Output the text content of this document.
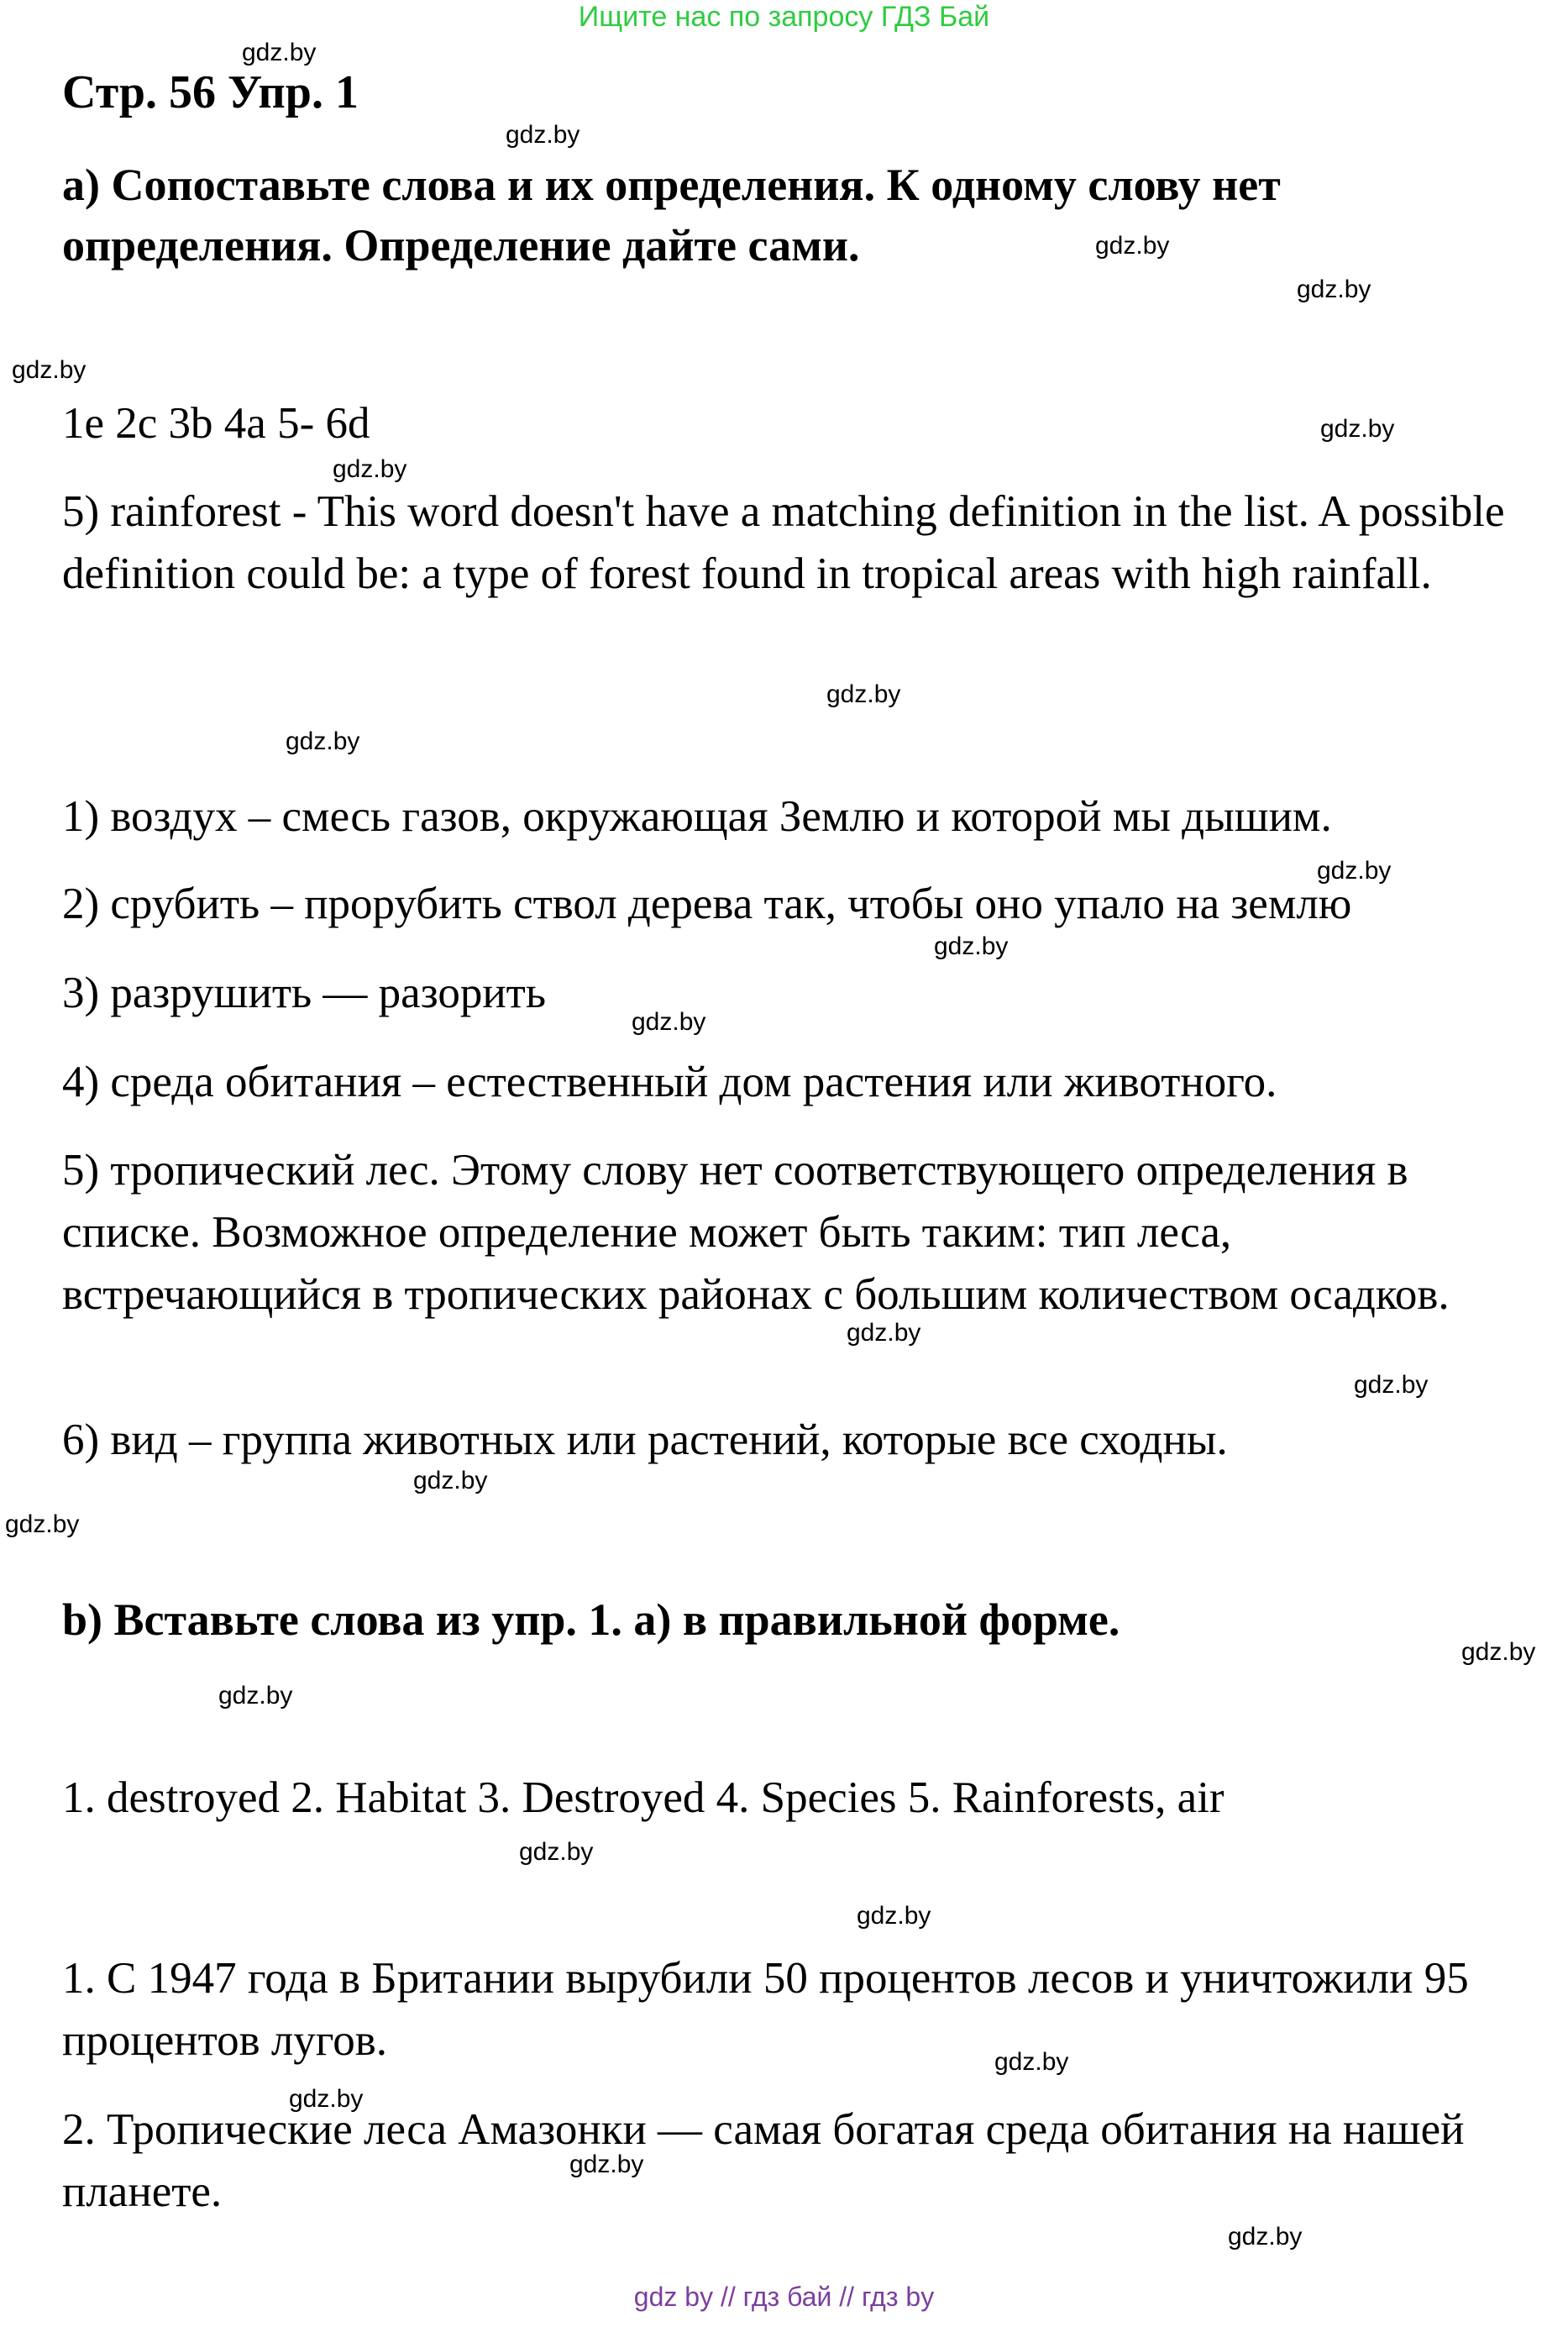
Ищите нас по запросу ГДЗ Бай
Стр. 56 Упр. 1
а) Сопоставьте слова и их определения. К одному слову нет определения. Определение дайте сами.
1e 2c 3b 4a 5- 6d
5) rainforest - This word doesn't have a matching definition in the list. A possible definition could be: a type of forest found in tropical areas with high rainfall.
1) воздух – смесь газов, окружающая Землю и которой мы дышим.
2) срубить – прорубить ствол дерева так, чтобы оно упало на землю
3) разрушить — разорить
4) среда обитания – естественный дом растения или животного.
5) тропический лес. Этому слову нет соответствующего определения в списке. Возможное определение может быть таким: тип леса, встречающийся в тропических районах с большим количеством осадков.
6) вид – группа животных или растений, которые все сходны.
b) Вставьте слова из упр. 1. а) в правильной форме.
1. destroyed 2. Habitat 3. Destroyed 4. Species 5. Rainforests, air
1. С 1947 года в Британии вырубили 50 процентов лесов и уничтожили 95 процентов лугов.
2. Тропические леса Амазонки — самая богатая среда обитания на нашей планете.
gdz.by
gdz.by
gdz.by
gdz.by
gdz.by
gdz.by
gdz.by
gdz.by
gdz.by
gdz.by
gdz.by
gdz.by
gdz.by
gdz.by
gdz.by
gdz.by
gdz.by
gdz.by
gdz.by
gdz.by
gdz.by
gdz.by
gdz.by
gdz.by
gdz by // гдз бай // гдз by
